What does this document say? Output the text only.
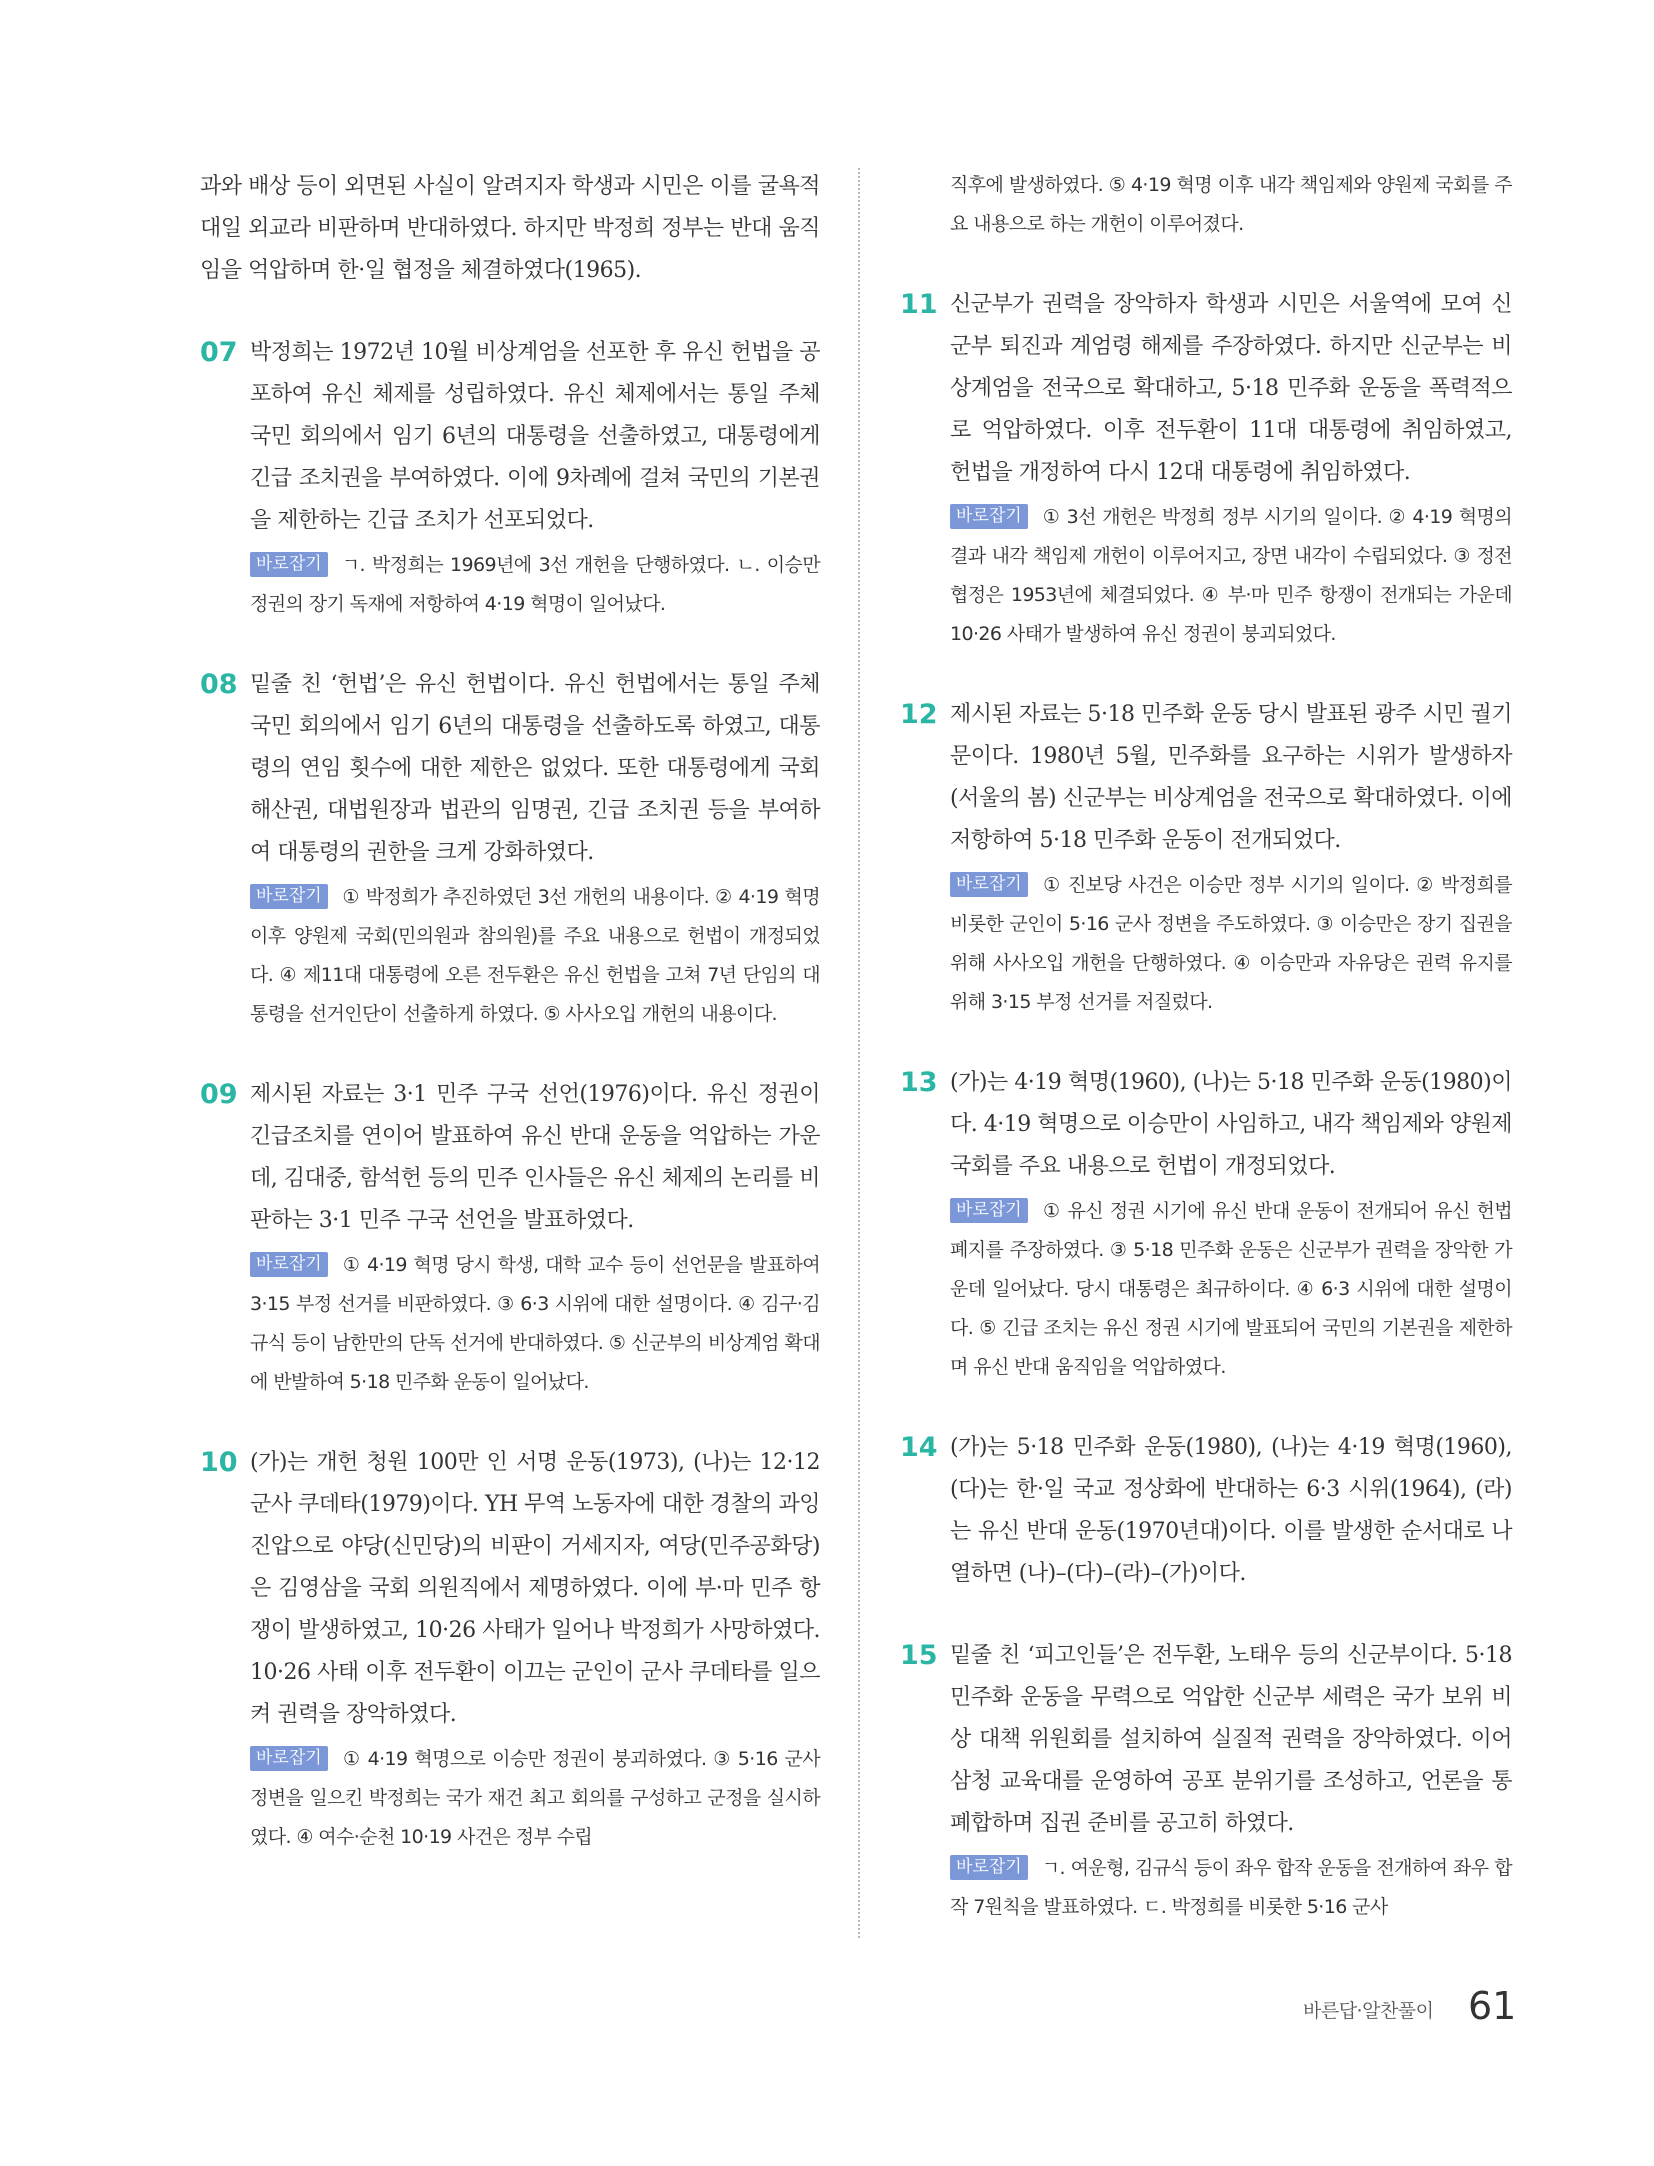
과와 배상 등이 외면된 사실이 알려지자 학생과 시민은 이를 굴욕적 대일 외교라 비판하며 반대하였다. 하지만 박정희 정부는 반대 움직임을 억압하며 한·일 협정을 체결하였다(1965).

07 박정희는 1972년 10월 비상계엄을 선포한 후 유신 헌법을 공포하여 유신 체제를 성립하였다. 유신 체제에서는 통일 주체 국민 회의에서 임기 6년의 대통령을 선출하였고, 대통령에게 긴급 조치권을 부여하였다. 이에 9차례에 걸쳐 국민의 기본권을 제한하는 긴급 조치가 선포되었다.

바로잡기 ㄱ. 박정희는 1969년에 3선 개헌을 단행하였다. ㄴ. 이승만 정권의 장기 독재에 저항하여 4·19 혁명이 일어났다.

08 밑줄 친 ‘헌법’은 유신 헌법이다. 유신 헌법에서는 통일 주체 국민 회의에서 임기 6년의 대통령을 선출하도록 하였고, 대통령의 연임 횟수에 대한 제한은 없었다. 또한 대통령에게 국회 해산권, 대법원장과 법관의 임명권, 긴급 조치권 등을 부여하여 대통령의 권한을 크게 강화하였다.

바로잡기 ① 박정희가 추진하였던 3선 개헌의 내용이다. ② 4·19 혁명 이후 양원제 국회(민의원과 참의원)를 주요 내용으로 헌법이 개정되었다. ④ 제11대 대통령에 오른 전두환은 유신 헌법을 고쳐 7년 단임의 대통령을 선거인단이 선출하게 하였다. ⑤ 사사오입 개헌의 내용이다.

09 제시된 자료는 3·1 민주 구국 선언(1976)이다. 유신 정권이 긴급조치를 연이어 발표하여 유신 반대 운동을 억압하는 가운데, 김대중, 함석헌 등의 민주 인사들은 유신 체제의 논리를 비판하는 3·1 민주 구국 선언을 발표하였다.

바로잡기 ① 4·19 혁명 당시 학생, 대학 교수 등이 선언문을 발표하여 3·15 부정 선거를 비판하였다. ③ 6·3 시위에 대한 설명이다. ④ 김구·김규식 등이 남한만의 단독 선거에 반대하였다. ⑤ 신군부의 비상계엄 확대에 반발하여 5·18 민주화 운동이 일어났다.

10 (가)는 개헌 청원 100만 인 서명 운동(1973), (나)는 12·12 군사 쿠데타(1979)이다. YH 무역 노동자에 대한 경찰의 과잉 진압으로 야당(신민당)의 비판이 거세지자, 여당(민주공화당)은 김영삼을 국회 의원직에서 제명하였다. 이에 부·마 민주 항쟁이 발생하였고, 10·26 사태가 일어나 박정희가 사망하였다. 10·26 사태 이후 전두환이 이끄는 군인이 군사 쿠데타를 일으켜 권력을 장악하였다.

바로잡기 ① 4·19 혁명으로 이승만 정권이 붕괴하였다. ③ 5·16 군사 정변을 일으킨 박정희는 국가 재건 최고 회의를 구성하고 군정을 실시하였다. ④ 여수·순천 10·19 사건은 정부 수립

직후에 발생하였다. ⑤ 4·19 혁명 이후 내각 책임제와 양원제 국회를 주요 내용으로 하는 개헌이 이루어졌다.

11 신군부가 권력을 장악하자 학생과 시민은 서울역에 모여 신군부 퇴진과 계엄령 해제를 주장하였다. 하지만 신군부는 비상계엄을 전국으로 확대하고, 5·18 민주화 운동을 폭력적으로 억압하였다. 이후 전두환이 11대 대통령에 취임하였고, 헌법을 개정하여 다시 12대 대통령에 취임하였다.

바로잡기 ① 3선 개헌은 박정희 정부 시기의 일이다. ② 4·19 혁명의 결과 내각 책임제 개헌이 이루어지고, 장면 내각이 수립되었다. ③ 정전 협정은 1953년에 체결되었다. ④ 부·마 민주 항쟁이 전개되는 가운데 10·26 사태가 발생하여 유신 정권이 붕괴되었다.

12 제시된 자료는 5·18 민주화 운동 당시 발표된 광주 시민 궐기문이다. 1980년 5월, 민주화를 요구하는 시위가 발생하자(서울의 봄) 신군부는 비상계엄을 전국으로 확대하였다. 이에 저항하여 5·18 민주화 운동이 전개되었다.

바로잡기 ① 진보당 사건은 이승만 정부 시기의 일이다. ② 박정희를 비롯한 군인이 5·16 군사 정변을 주도하였다. ③ 이승만은 장기 집권을 위해 사사오입 개헌을 단행하였다. ④ 이승만과 자유당은 권력 유지를 위해 3·15 부정 선거를 저질렀다.

13 (가)는 4·19 혁명(1960), (나)는 5·18 민주화 운동(1980)이다. 4·19 혁명으로 이승만이 사임하고, 내각 책임제와 양원제 국회를 주요 내용으로 헌법이 개정되었다.

바로잡기 ① 유신 정권 시기에 유신 반대 운동이 전개되어 유신 헌법 폐지를 주장하였다. ③ 5·18 민주화 운동은 신군부가 권력을 장악한 가운데 일어났다. 당시 대통령은 최규하이다. ④ 6·3 시위에 대한 설명이다. ⑤ 긴급 조치는 유신 정권 시기에 발표되어 국민의 기본권을 제한하며 유신 반대 움직임을 억압하였다.

14 (가)는 5·18 민주화 운동(1980), (나)는 4·19 혁명(1960), (다)는 한·일 국교 정상화에 반대하는 6·3 시위(1964), (라)는 유신 반대 운동(1970년대)이다. 이를 발생한 순서대로 나열하면 (나)–(다)–(라)–(가)이다.

15 밑줄 친 ‘피고인들’은 전두환, 노태우 등의 신군부이다. 5·18 민주화 운동을 무력으로 억압한 신군부 세력은 국가 보위 비상 대책 위원회를 설치하여 실질적 권력을 장악하였다. 이어 삼청 교육대를 운영하여 공포 분위기를 조성하고, 언론을 통폐합하며 집권 준비를 공고히 하였다.

바로잡기 ㄱ. 여운형, 김규식 등이 좌우 합작 운동을 전개하여 좌우 합작 7원칙을 발표하였다. ㄷ. 박정희를 비롯한 5·16 군사

바른답·알찬풀이 61
